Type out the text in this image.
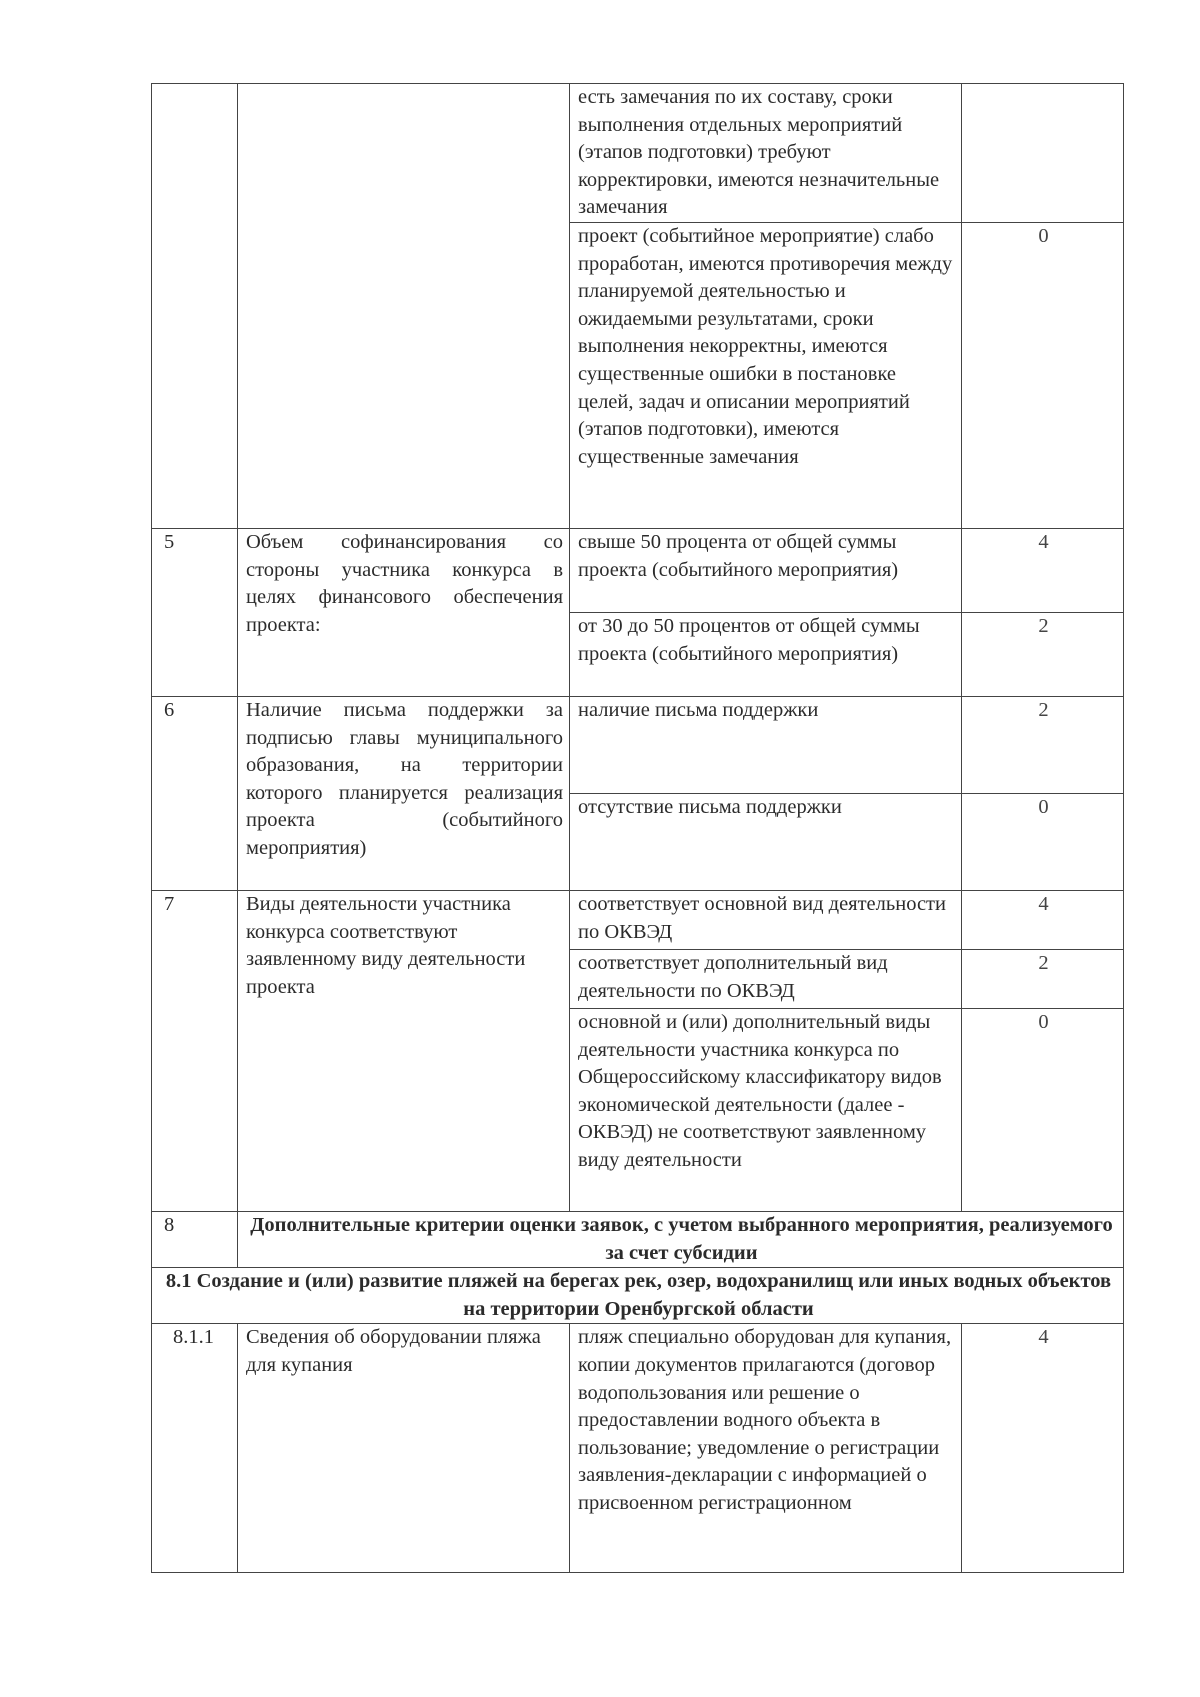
		есть замечания по их составу, сроки выполнения отдельных мероприятий (этапов подготовки) требуют корректировки, имеются незначительные замечания	
		проект (событийное мероприятие) слабо проработан, имеются противоречия между планируемой деятельностью и ожидаемыми результатами, сроки выполнения некорректны, имеются существенные ошибки в постановке целей, задач и описании мероприятий (этапов подготовки), имеются существенные замечания	0
5	Объем софинансирования со стороны участника конкурса в целях финансового обеспечения проекта:	свыше 50 процента от общей суммы проекта (событийного мероприятия)	4
		от 30 до 50 процентов от общей суммы проекта (событийного мероприятия)	2
6	Наличие письма поддержки за подписью главы муниципального образования, на территории которого планируется реализация проекта (событийного мероприятия)	наличие письма поддержки	2
		отсутствие письма поддержки	0
7	Виды деятельности участника конкурса соответствуют заявленному виду деятельности проекта	соответствует основной вид деятельности по ОКВЭД	4
		соответствует дополнительный вид деятельности по ОКВЭД	2
		основной и (или) дополнительный виды деятельности участника конкурса по Общероссийскому классификатору видов экономической деятельности (далее - ОКВЭД) не соответствуют заявленному виду деятельности	0
8	Дополнительные критерии оценки заявок, с учетом выбранного мероприятия, реализуемого за счет субсидии		
8.1 Создание и (или) развитие пляжей на берегах рек, озер, водохранилищ или иных водных объектов на территории Оренбургской области			
8.1.1	Сведения об оборудовании пляжа для купания	пляж специально оборудован для купания, копии документов прилагаются (договор водопользования или решение о предоставлении водного объекта в пользование; уведомление о регистрации заявления-декларации с информацией о присвоенном регистрационном	4
